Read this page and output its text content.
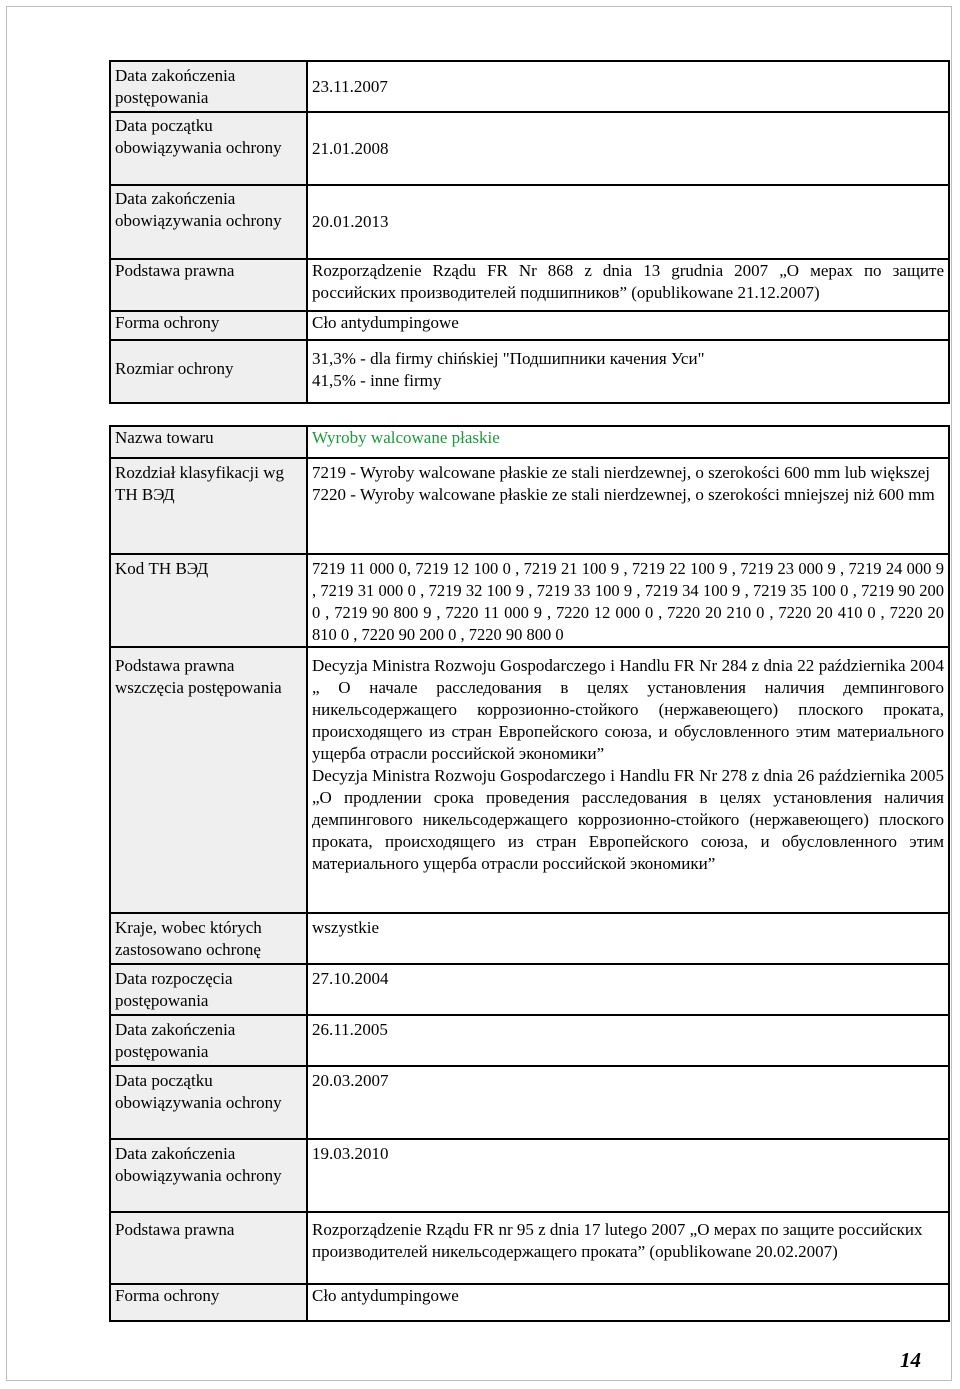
Data zakończenia postępowania	23.11.2007
Data początku obowiązywania ochrony	21.01.2008
Data zakończenia obowiązywania ochrony	20.01.2013
Podstawa prawna	Rozporządzenie Rządu FR Nr 868 z dnia 13 grudnia 2007 „О мерах по защите российских производителей подшипников” (opublikowane 21.12.2007)
Forma ochrony	Cło antydumpingowe
Rozmiar ochrony	31,3% - dla firmy chińskiej "Подшипники качения Уси"
41,5% - inne firmy
Nazwa towaru	Wyroby walcowane płaskie
Rozdział klasyfikacji wg ТН ВЭД	7219 - Wyroby walcowane płaskie ze stali nierdzewnej, o szerokości 600 mm lub większej
7220 - Wyroby walcowane płaskie ze stali nierdzewnej, o szerokości mniejszej niż 600 mm

Kod ТН ВЭД	7219 11 000 0, 7219 12 100 0 , 7219 21 100 9 , 7219 22 100 9 , 7219 23 000 9 , 7219 24 000 9 , 7219 31 000 0 , 7219 32 100 9 , 7219 33 100 9 , 7219 34 100 9 , 7219 35 100 0 , 7219 90 200 0 , 7219 90 800 9 , 7220 11 000 9 , 7220 12 000 0 , 7220 20 210 0 , 7220 20 410 0 , 7220 20 810 0 , 7220 90 200 0 , 7220 90 800 0
Podstawa prawna wszczęcia postępowania	Decyzja Ministra Rozwoju Gospodarczego i Handlu FR Nr 284 z dnia 22 października 2004 „ О начале расследования в целях установления наличия демпингового никельсодержащего коррозионно-стойкого (нержавеющего) плоского проката, происходящего из стран Европейского союза, и обусловленного этим материального ущерба отрасли российской экономики”
Decyzja Ministra Rozwoju Gospodarczego i Handlu FR Nr 278 z dnia 26 października 2005 „О продлении срока проведения расследования в целях установления наличия демпингового никельсодержащего коррозионно-стойкого (нержавеющего) плоского проката, происходящего из стран Европейского союза, и обусловленного этим материального ущерба отрасли российской экономики”

Kraje, wobec których zastosowano ochronę	wszystkie
Data rozpoczęcia postępowania	27.10.2004
Data zakończenia postępowania	26.11.2005
Data początku obowiązywania ochrony	20.03.2007
Data zakończenia obowiązywania ochrony	19.03.2010
Podstawa prawna	Rozporządzenie Rządu FR nr 95 z dnia 17 lutego 2007 „О мерах по защите российских производителей никельсодержащего проката” (opublikowane 20.02.2007)
Forma ochrony	Cło antydumpingowe
14
